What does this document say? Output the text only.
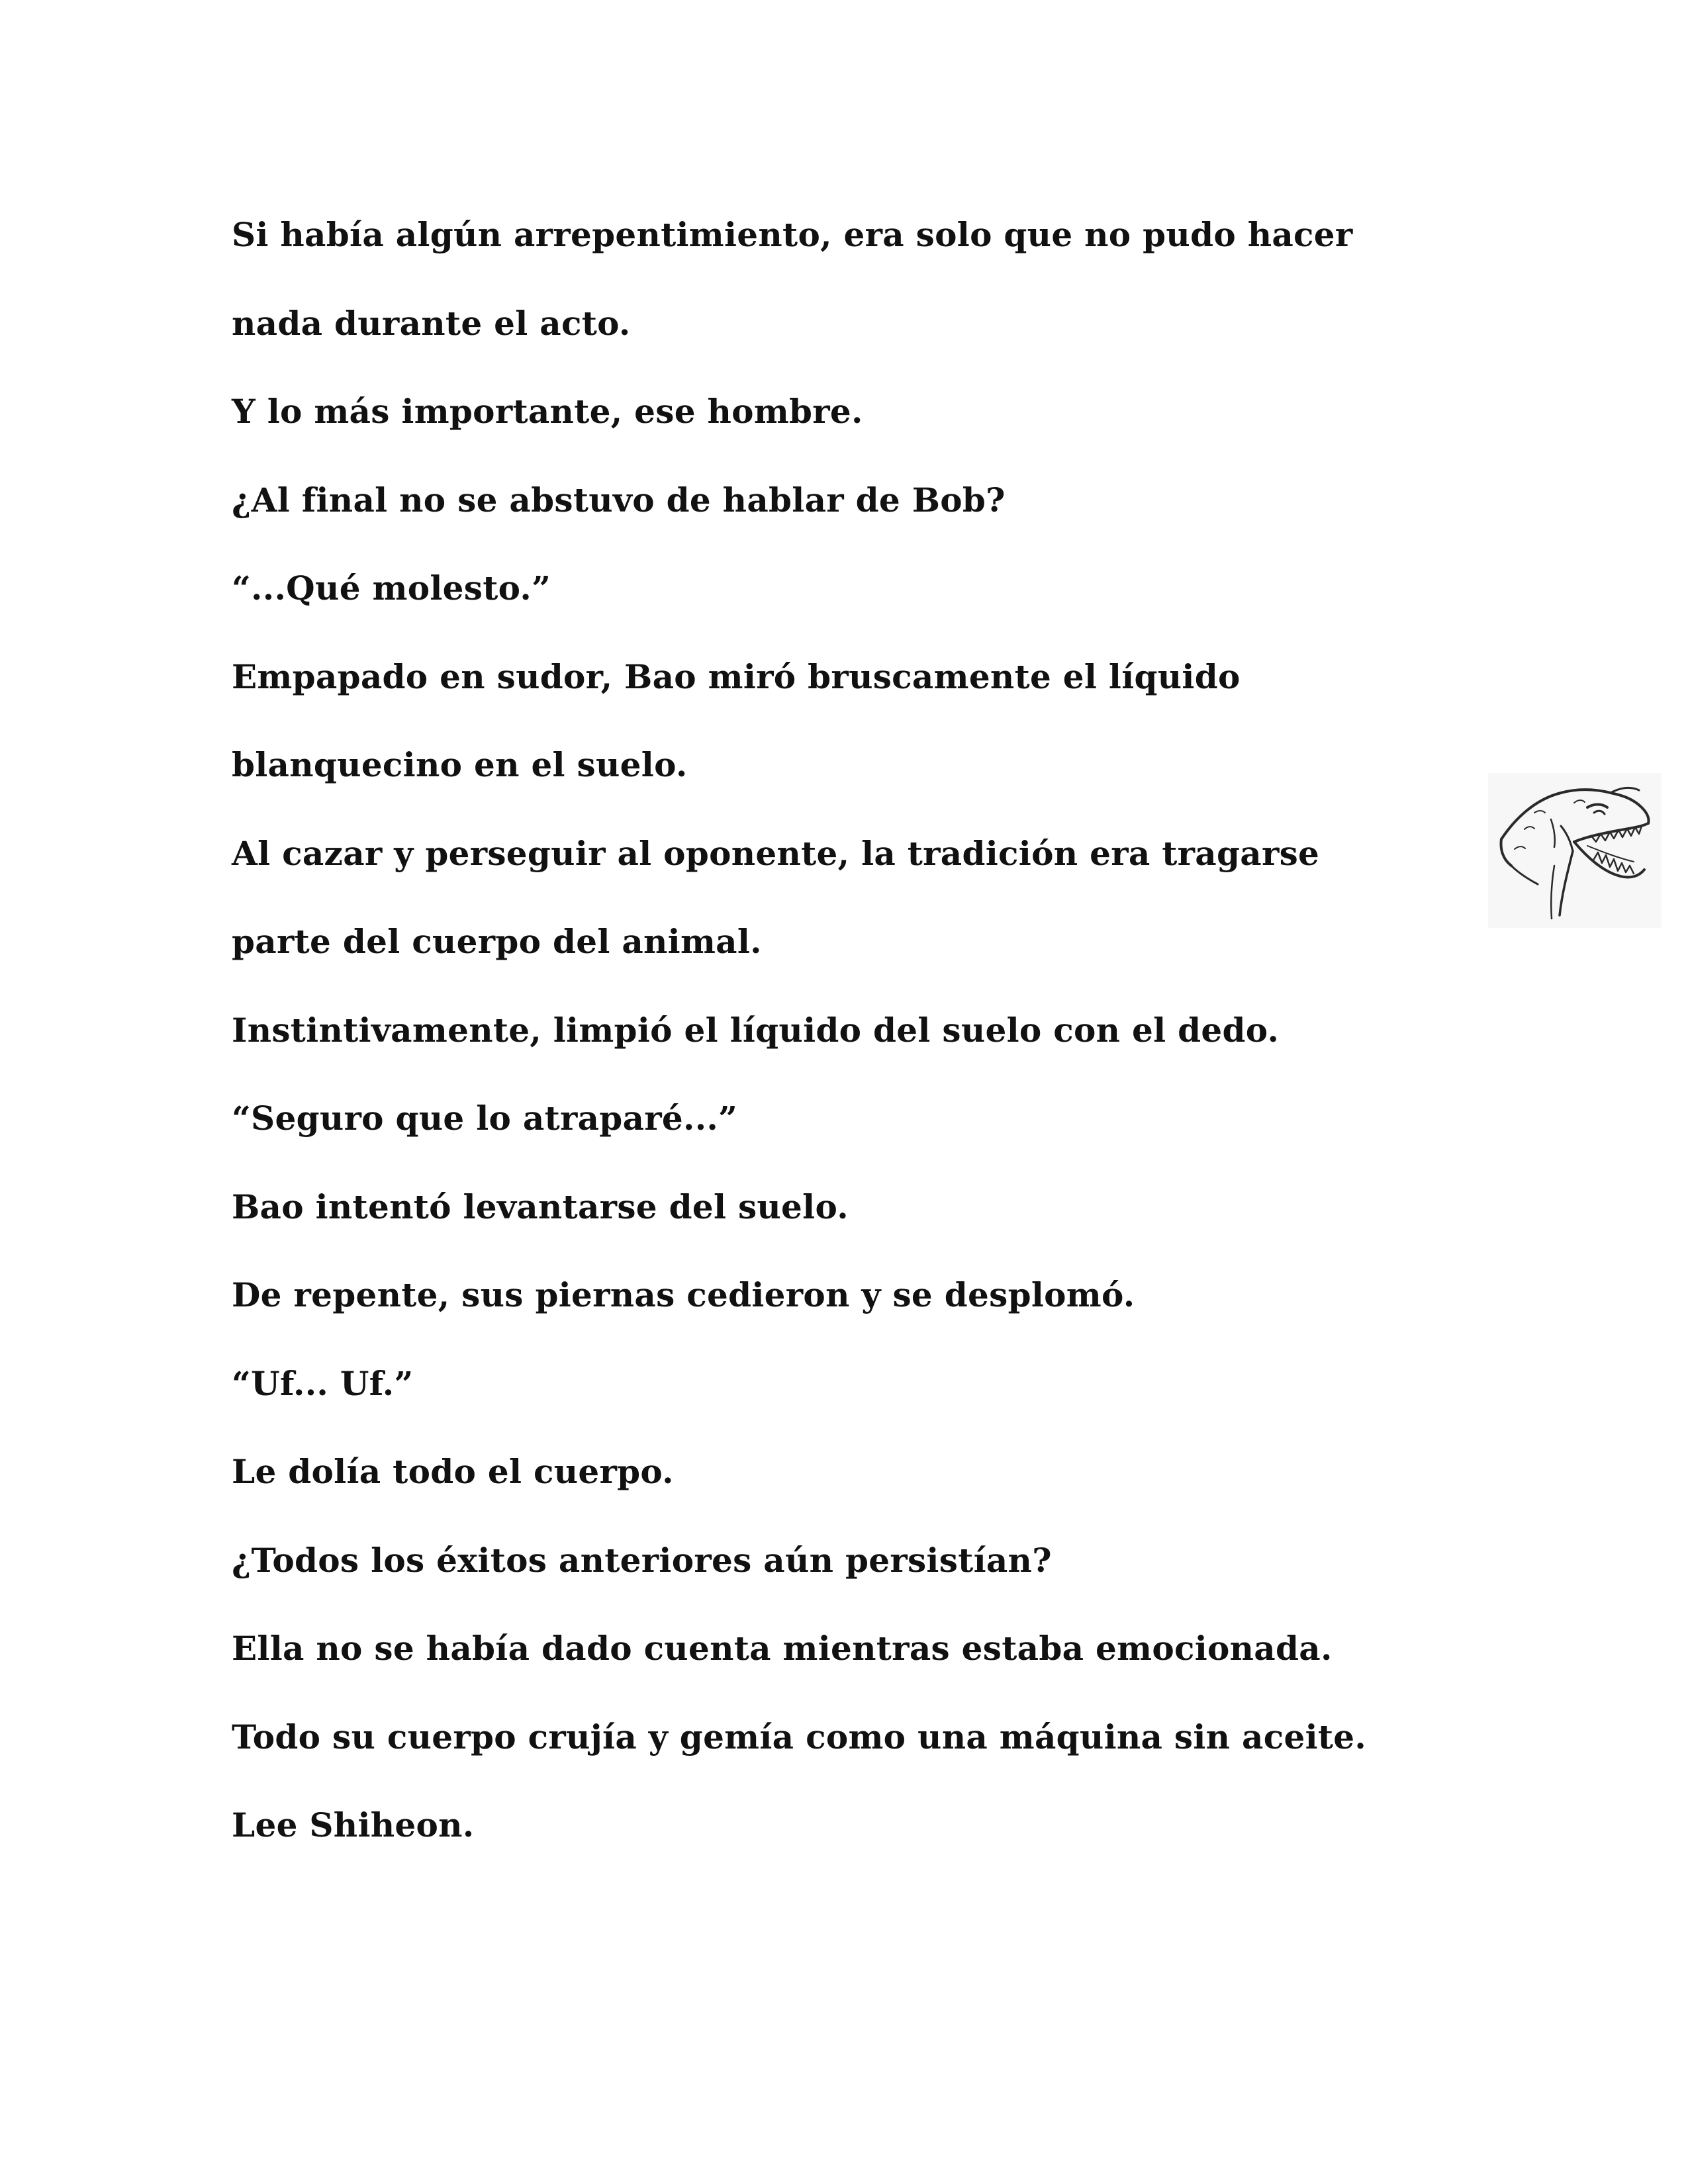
Si había algún arrepentimiento, era solo que no pudo hacer
nada durante el acto.
Y lo más importante, ese hombre.
¿Al final no se abstuvo de hablar de Bob?
“...Qué molesto.”
Empapado en sudor, Bao miró bruscamente el líquido
blanquecino en el suelo.
Al cazar y perseguir al oponente, la tradición era tragarse
parte del cuerpo del animal.
Instintivamente, limpió el líquido del suelo con el dedo.
“Seguro que lo atraparé...”
Bao intentó levantarse del suelo.
De repente, sus piernas cedieron y se desplomó.
“Uf... Uf.”
Le dolía todo el cuerpo.
¿Todos los éxitos anteriores aún persistían?
Ella no se había dado cuenta mientras estaba emocionada.
Todo su cuerpo crujía y gemía como una máquina sin aceite.
Lee Shiheon.
